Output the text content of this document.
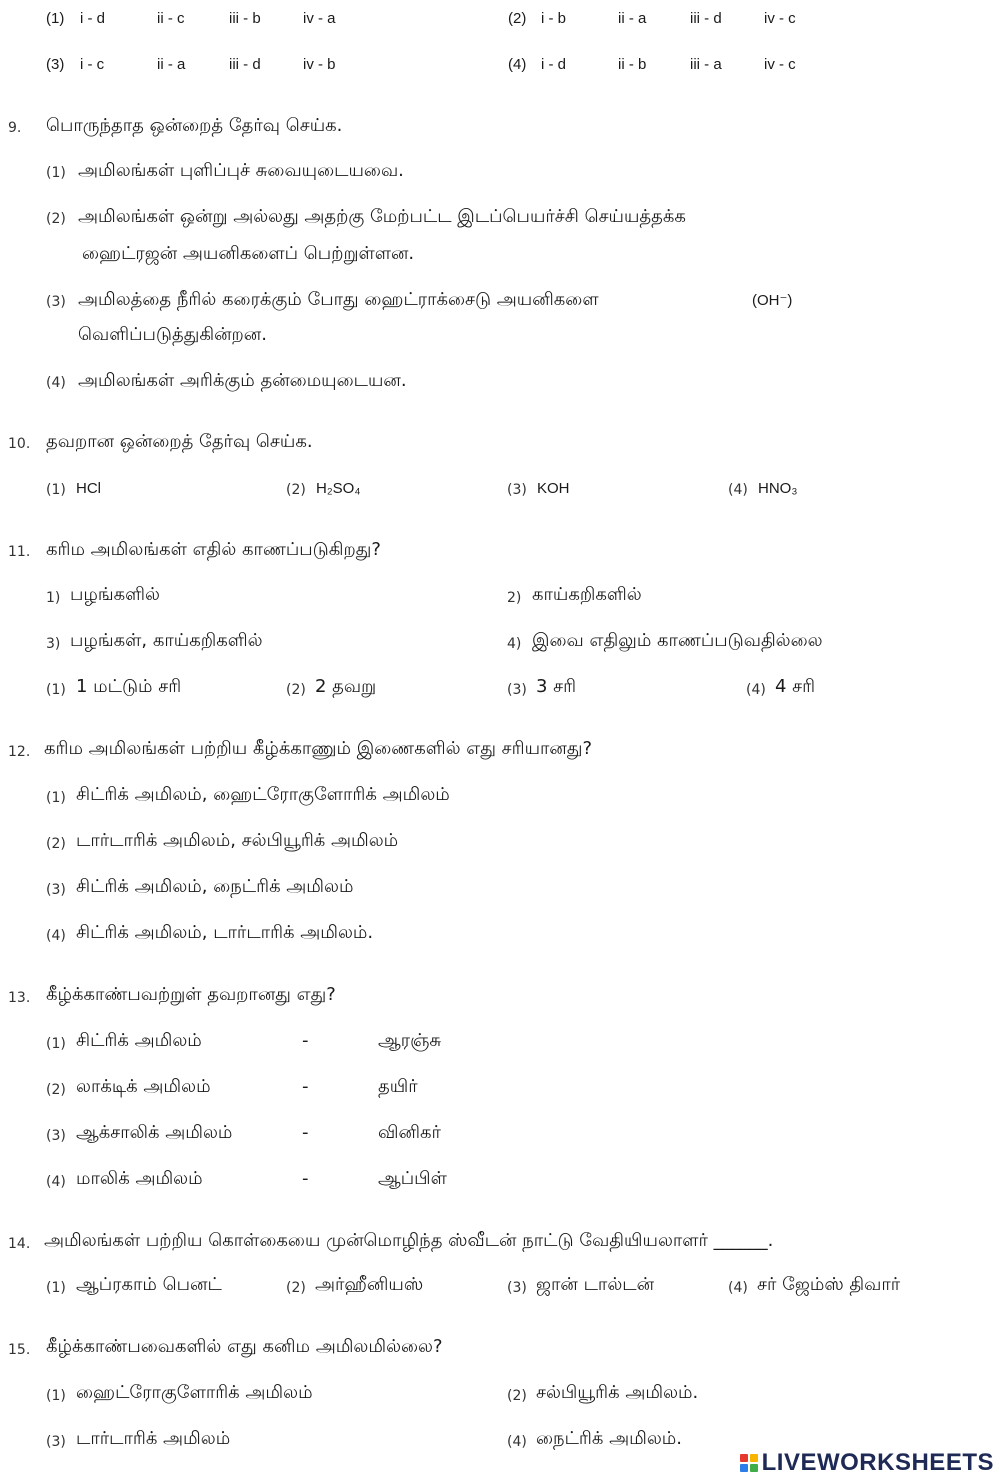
(1) i - d	ii - c	iii - b	iv - a	(2) i - b	ii - a	iii - d	iv - c
(3) i - c	ii - a	iii - d	iv - b	(4) i - d	ii - b	iii - a	iv - c
9. பொருந்தாத ஒன்றைத் தேர்வு செய்க.
(1) அமிலங்கள் புளிப்புச் சுவையுடையவை.
(2) அமிலங்கள் ஒன்று அல்லது அதற்கு மேற்பட்ட இடப்பெயர்ச்சி செய்யத்தக்க
ஹைட்ரஜன் அயனிகளைப் பெற்றுள்ளன.
(3) அமிலத்தை நீரில் கரைக்கும் போது ஹைட்ராக்சைடு அயனிகளை	(OH⁻)
வெளிப்படுத்துகின்றன.
(4) அமிலங்கள் அரிக்கும் தன்மையுடையன.
10. தவறான ஒன்றைத் தேர்வு செய்க.
(1) HCl	(2) H₂SO₄	(3) KOH	(4) HNO₃
11. கரிம அமிலங்கள் எதில் காணப்படுகிறது?
1) பழங்களில்	2) காய்கறிகளில்
3) பழங்கள், காய்கறிகளில்	4) இவை எதிலும் காணப்படுவதில்லை
(1) 1 மட்டும் சரி	(2) 2 தவறு	(3) 3 சரி	(4) 4 சரி
12. கரிம அமிலங்கள் பற்றிய கீழ்க்காணும் இணைகளில் எது சரியானது?
(1) சிட்ரிக் அமிலம், ஹைட்ரோகுளோரிக் அமிலம்
(2) டார்டாரிக் அமிலம், சல்பியூரிக் அமிலம்
(3) சிட்ரிக் அமிலம், நைட்ரிக் அமிலம்
(4) சிட்ரிக் அமிலம், டார்டாரிக் அமிலம்.
13. கீழ்க்காண்பவற்றுள் தவறானது எது?
(1) சிட்ரிக் அமிலம்	-	ஆரஞ்சு
(2) லாக்டிக் அமிலம்	-	தயிர்
(3) ஆக்சாலிக் அமிலம்	-	வினிகர்
(4) மாலிக் அமிலம்	-	ஆப்பிள்
14. அமிலங்கள் பற்றிய கொள்கையை முன்மொழிந்த ஸ்வீடன் நாட்டு வேதியியலாளர் ______.
(1) ஆப்ரகாம் பெனட்	(2) அர்ஹீனியஸ்	(3) ஜான் டால்டன்	(4) சர் ஜேம்ஸ் திவார்
15. கீழ்க்காண்பவைகளில் எது கனிம அமிலமில்லை?
(1) ஹைட்ரோகுளோரிக் அமிலம்	(2) சல்பியூரிக் அமிலம்.
(3) டார்டாரிக் அமிலம்	(4) நைட்ரிக் அமிலம்.
LIVEWORKSHEETS
